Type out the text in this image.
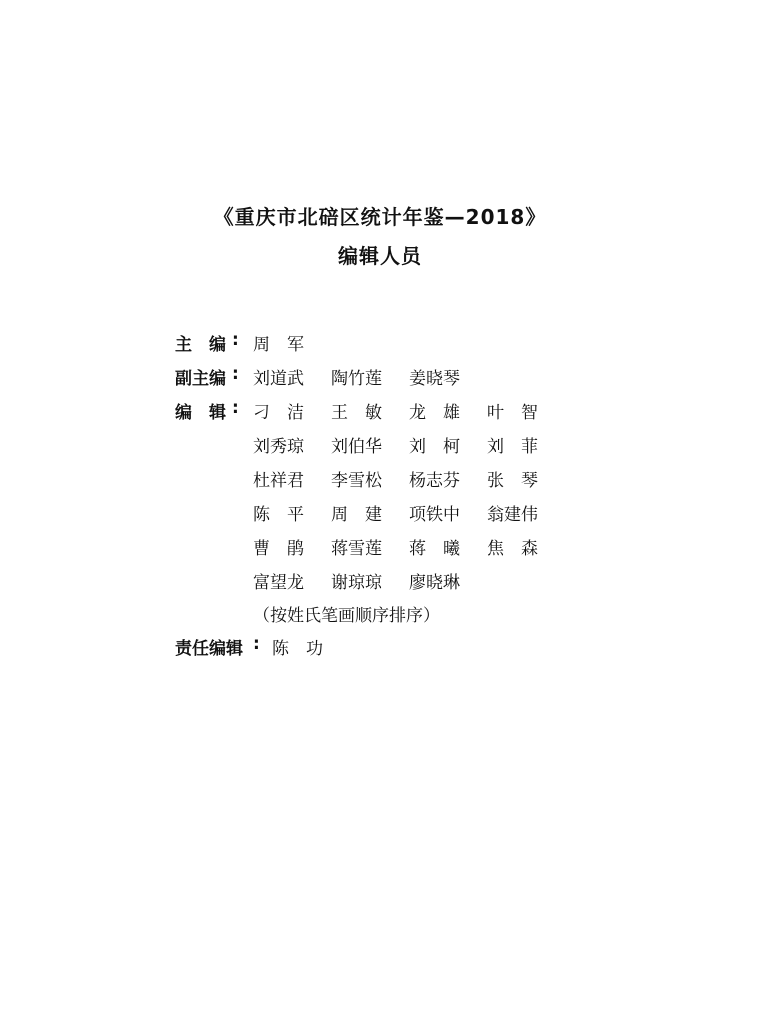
《重庆市北碚区统计年鉴—2018》
编辑人员
主　编 : 周　军
副主编 : 刘道武 陶竹莲 姜晓琴
编　辑 : 刁　洁 王　敏 龙　雄 叶　智
刘秀琼 刘伯华 刘　柯 刘　菲
杜祥君 李雪松 杨志芬 张　琴
陈　平 周　建 项铁中 翁建伟
曹　鹃 蒋雪莲 蒋　曦 焦　森
富望龙 谢琼琼 廖晓琳
（按姓氏笔画顺序排序）
责任编辑 : 陈　功
